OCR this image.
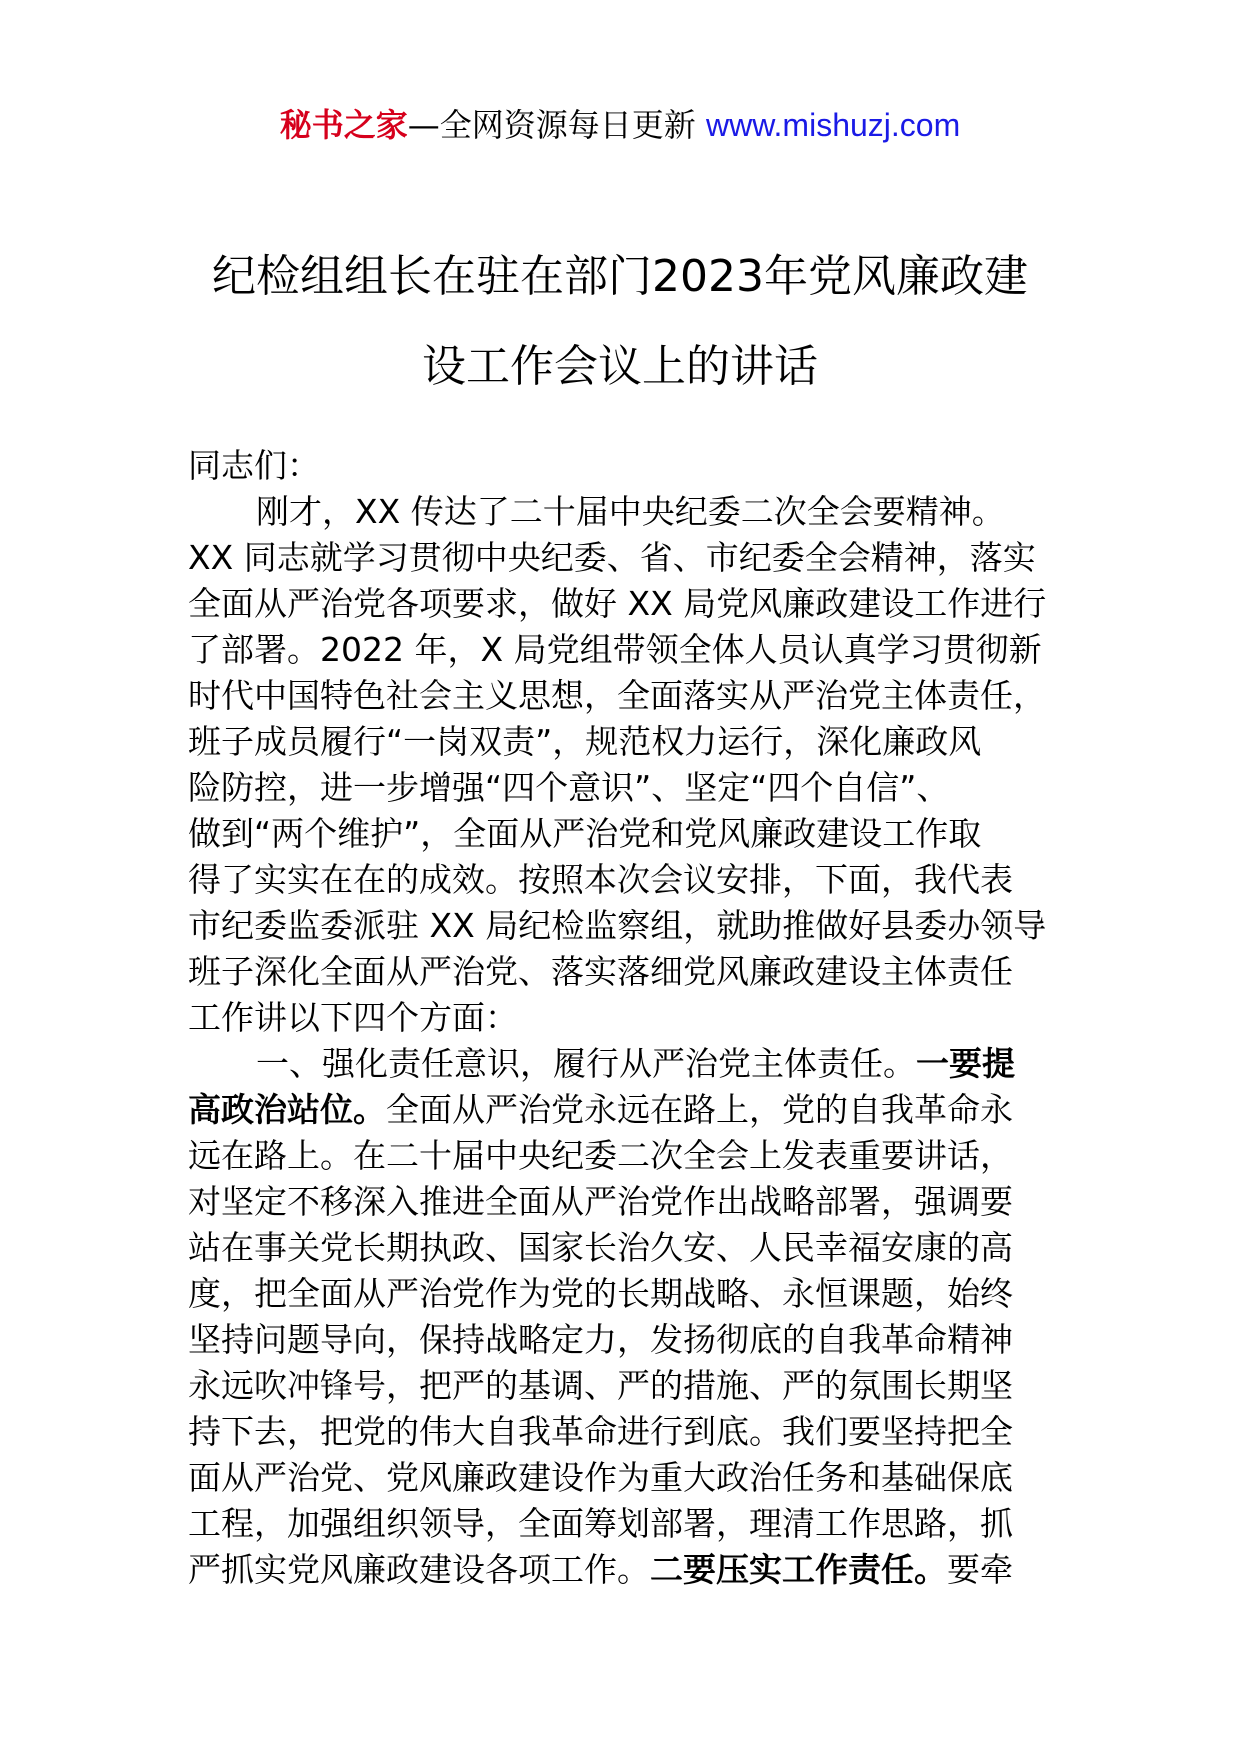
秘书之家—全网资源每日更新 www.mishuzj.com
纪检组组长在驻在部门2023年党风廉政建
设工作会议上的讲话
同志们：
刚才，XX 传达了二十届中央纪委二次全会要精神。
XX 同志就学习贯彻中央纪委、省、市纪委全会精神，落实
全面从严治党各项要求，做好 XX 局党风廉政建设工作进行
了部署。2022 年，X 局党组带领全体人员认真学习贯彻新
时代中国特色社会主义思想，全面落实从严治党主体责任，
班子成员履行“一岗双责”，规范权力运行，深化廉政风
险防控，进一步增强“四个意识”、坚定“四个自信”、
做到“两个维护”，全面从严治党和党风廉政建设工作取
得了实实在在的成效。按照本次会议安排，下面，我代表
市纪委监委派驻 XX 局纪检监察组，就助推做好县委办领导
班子深化全面从严治党、落实落细党风廉政建设主体责任
工作讲以下四个方面：
一、强化责任意识，履行从严治党主体责任。一要提
高政治站位。全面从严治党永远在路上，党的自我革命永
远在路上。在二十届中央纪委二次全会上发表重要讲话，
对坚定不移深入推进全面从严治党作出战略部署，强调要
站在事关党长期执政、国家长治久安、人民幸福安康的高
度，把全面从严治党作为党的长期战略、永恒课题，始终
坚持问题导向，保持战略定力，发扬彻底的自我革命精神
永远吹冲锋号，把严的基调、严的措施、严的氛围长期坚
持下去，把党的伟大自我革命进行到底。我们要坚持把全
面从严治党、党风廉政建设作为重大政治任务和基础保底
工程，加强组织领导，全面筹划部署，理清工作思路，抓
严抓实党风廉政建设各项工作。二要压实工作责任。要牵
